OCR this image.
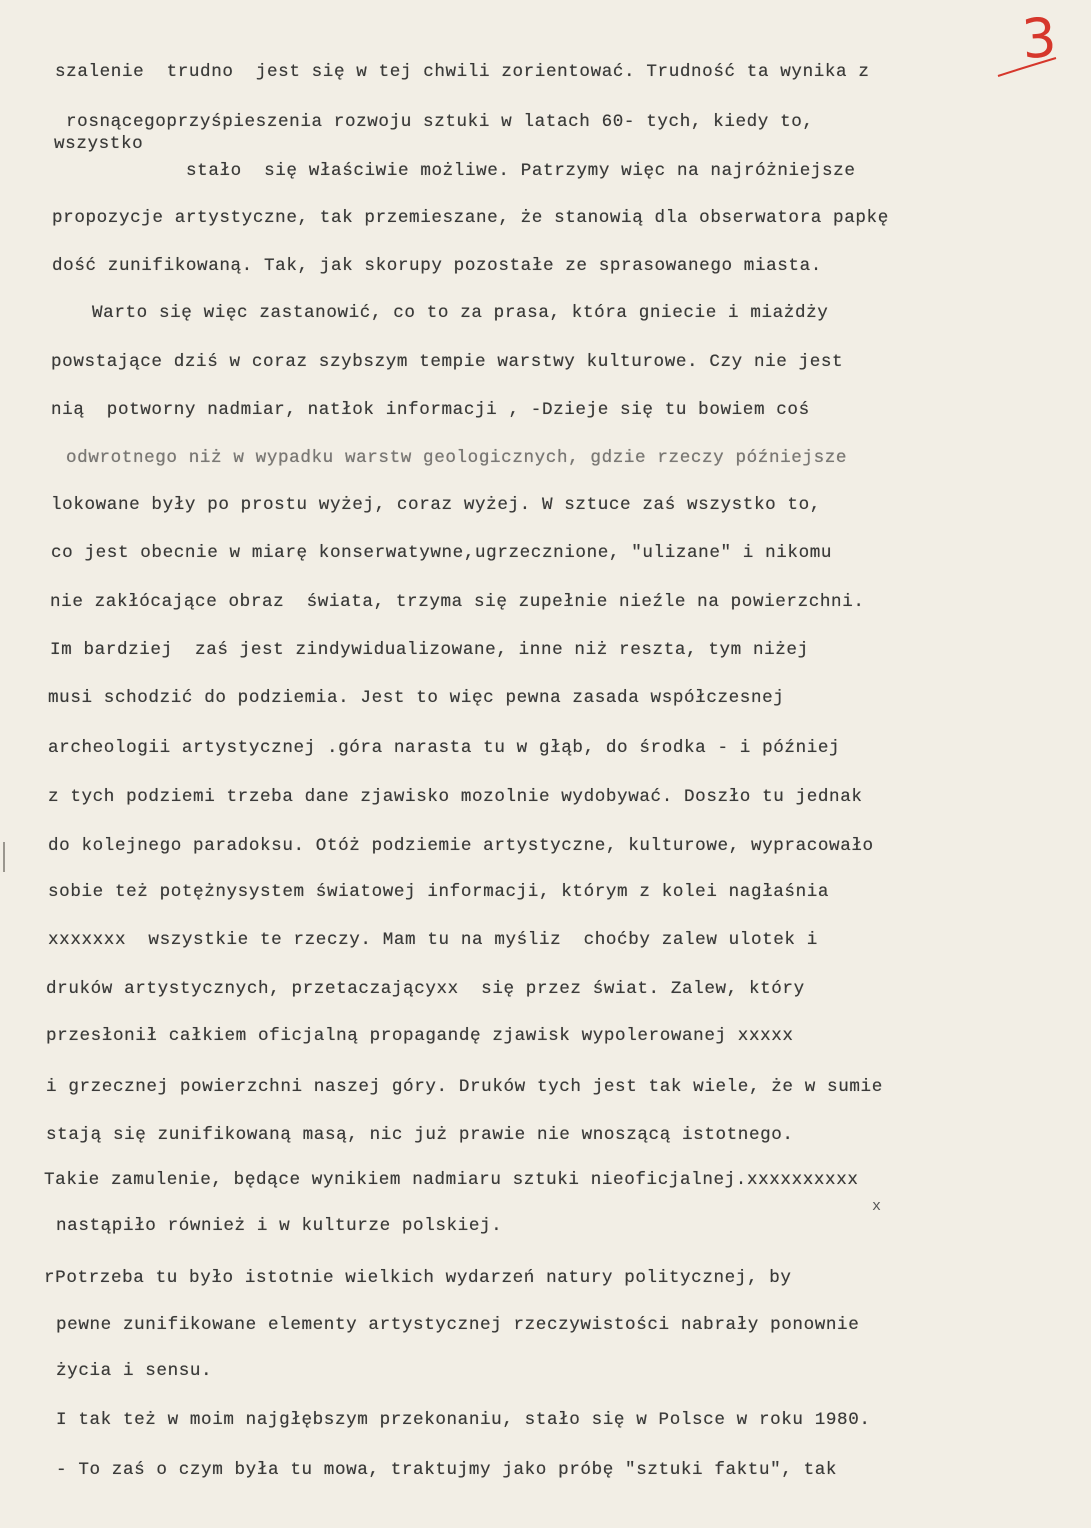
3
szalenie  trudno  jest się w tej chwili zorientować. Trudność ta wynika z
rosnącegoprzyśpieszenia rozwoju sztuki w latach 60- tych, kiedy to,
wszystko
stało  się właściwie możliwe. Patrzymy więc na najróżniejsze
propozycje artystyczne, tak przemieszane, że stanowią dla obserwatora papkę
dość zunifikowaną. Tak, jak skorupy pozostałe ze sprasowanego miasta.
Warto się więc zastanowić, co to za prasa, która gniecie i miażdży
powstające dziś w coraz szybszym tempie warstwy kulturowe. Czy nie jest
nią  potworny nadmiar, natłok informacji , -Dzieje się tu bowiem coś
odwrotnego niż w wypadku warstw geologicznych, gdzie rzeczy późniejsze
lokowane były po prostu wyżej, coraz wyżej. W sztuce zaś wszystko to,
co jest obecnie w miarę konserwatywne,ugrzecznione, "ulizane" i nikomu
nie zakłócające obraz  świata, trzyma się zupełnie nieźle na powierzchni.
Im bardziej  zaś jest zindywidualizowane, inne niż reszta, tym niżej
musi schodzić do podziemia. Jest to więc pewna zasada współczesnej
archeologii artystycznej .góra narasta tu w głąb, do środka - i później
z tych podziemi trzeba dane zjawisko mozolnie wydobywać. Doszło tu jednak
do kolejnego paradoksu. Otóż podziemie artystyczne, kulturowe, wypracowało
sobie też potężnysystem światowej informacji, którym z kolei nagłaśnia
xxxxxxx  wszystkie te rzeczy. Mam tu na myśliz  choćby zalew ulotek i
druków artystycznych, przetaczającyxx  się przez świat. Zalew, który
przesłonił całkiem oficjalną propagandę zjawisk wypolerowanej xxxxx
i grzecznej powierzchni naszej góry. Druków tych jest tak wiele, że w sumie
stają się zunifikowaną masą, nic już prawie nie wnoszącą istotnego.
Takie zamulenie, będące wynikiem nadmiaru sztuki nieoficjalnej.xxxxxxxxxx
x
nastąpiło również i w kulturze polskiej.
rPotrzeba tu było istotnie wielkich wydarzeń natury politycznej, by
pewne zunifikowane elementy artystycznej rzeczywistości nabrały ponownie
życia i sensu.
I tak też w moim najgłębszym przekonaniu, stało się w Polsce w roku 1980.
- To zaś o czym była tu mowa, traktujmy jako próbę "sztuki faktu", tak
